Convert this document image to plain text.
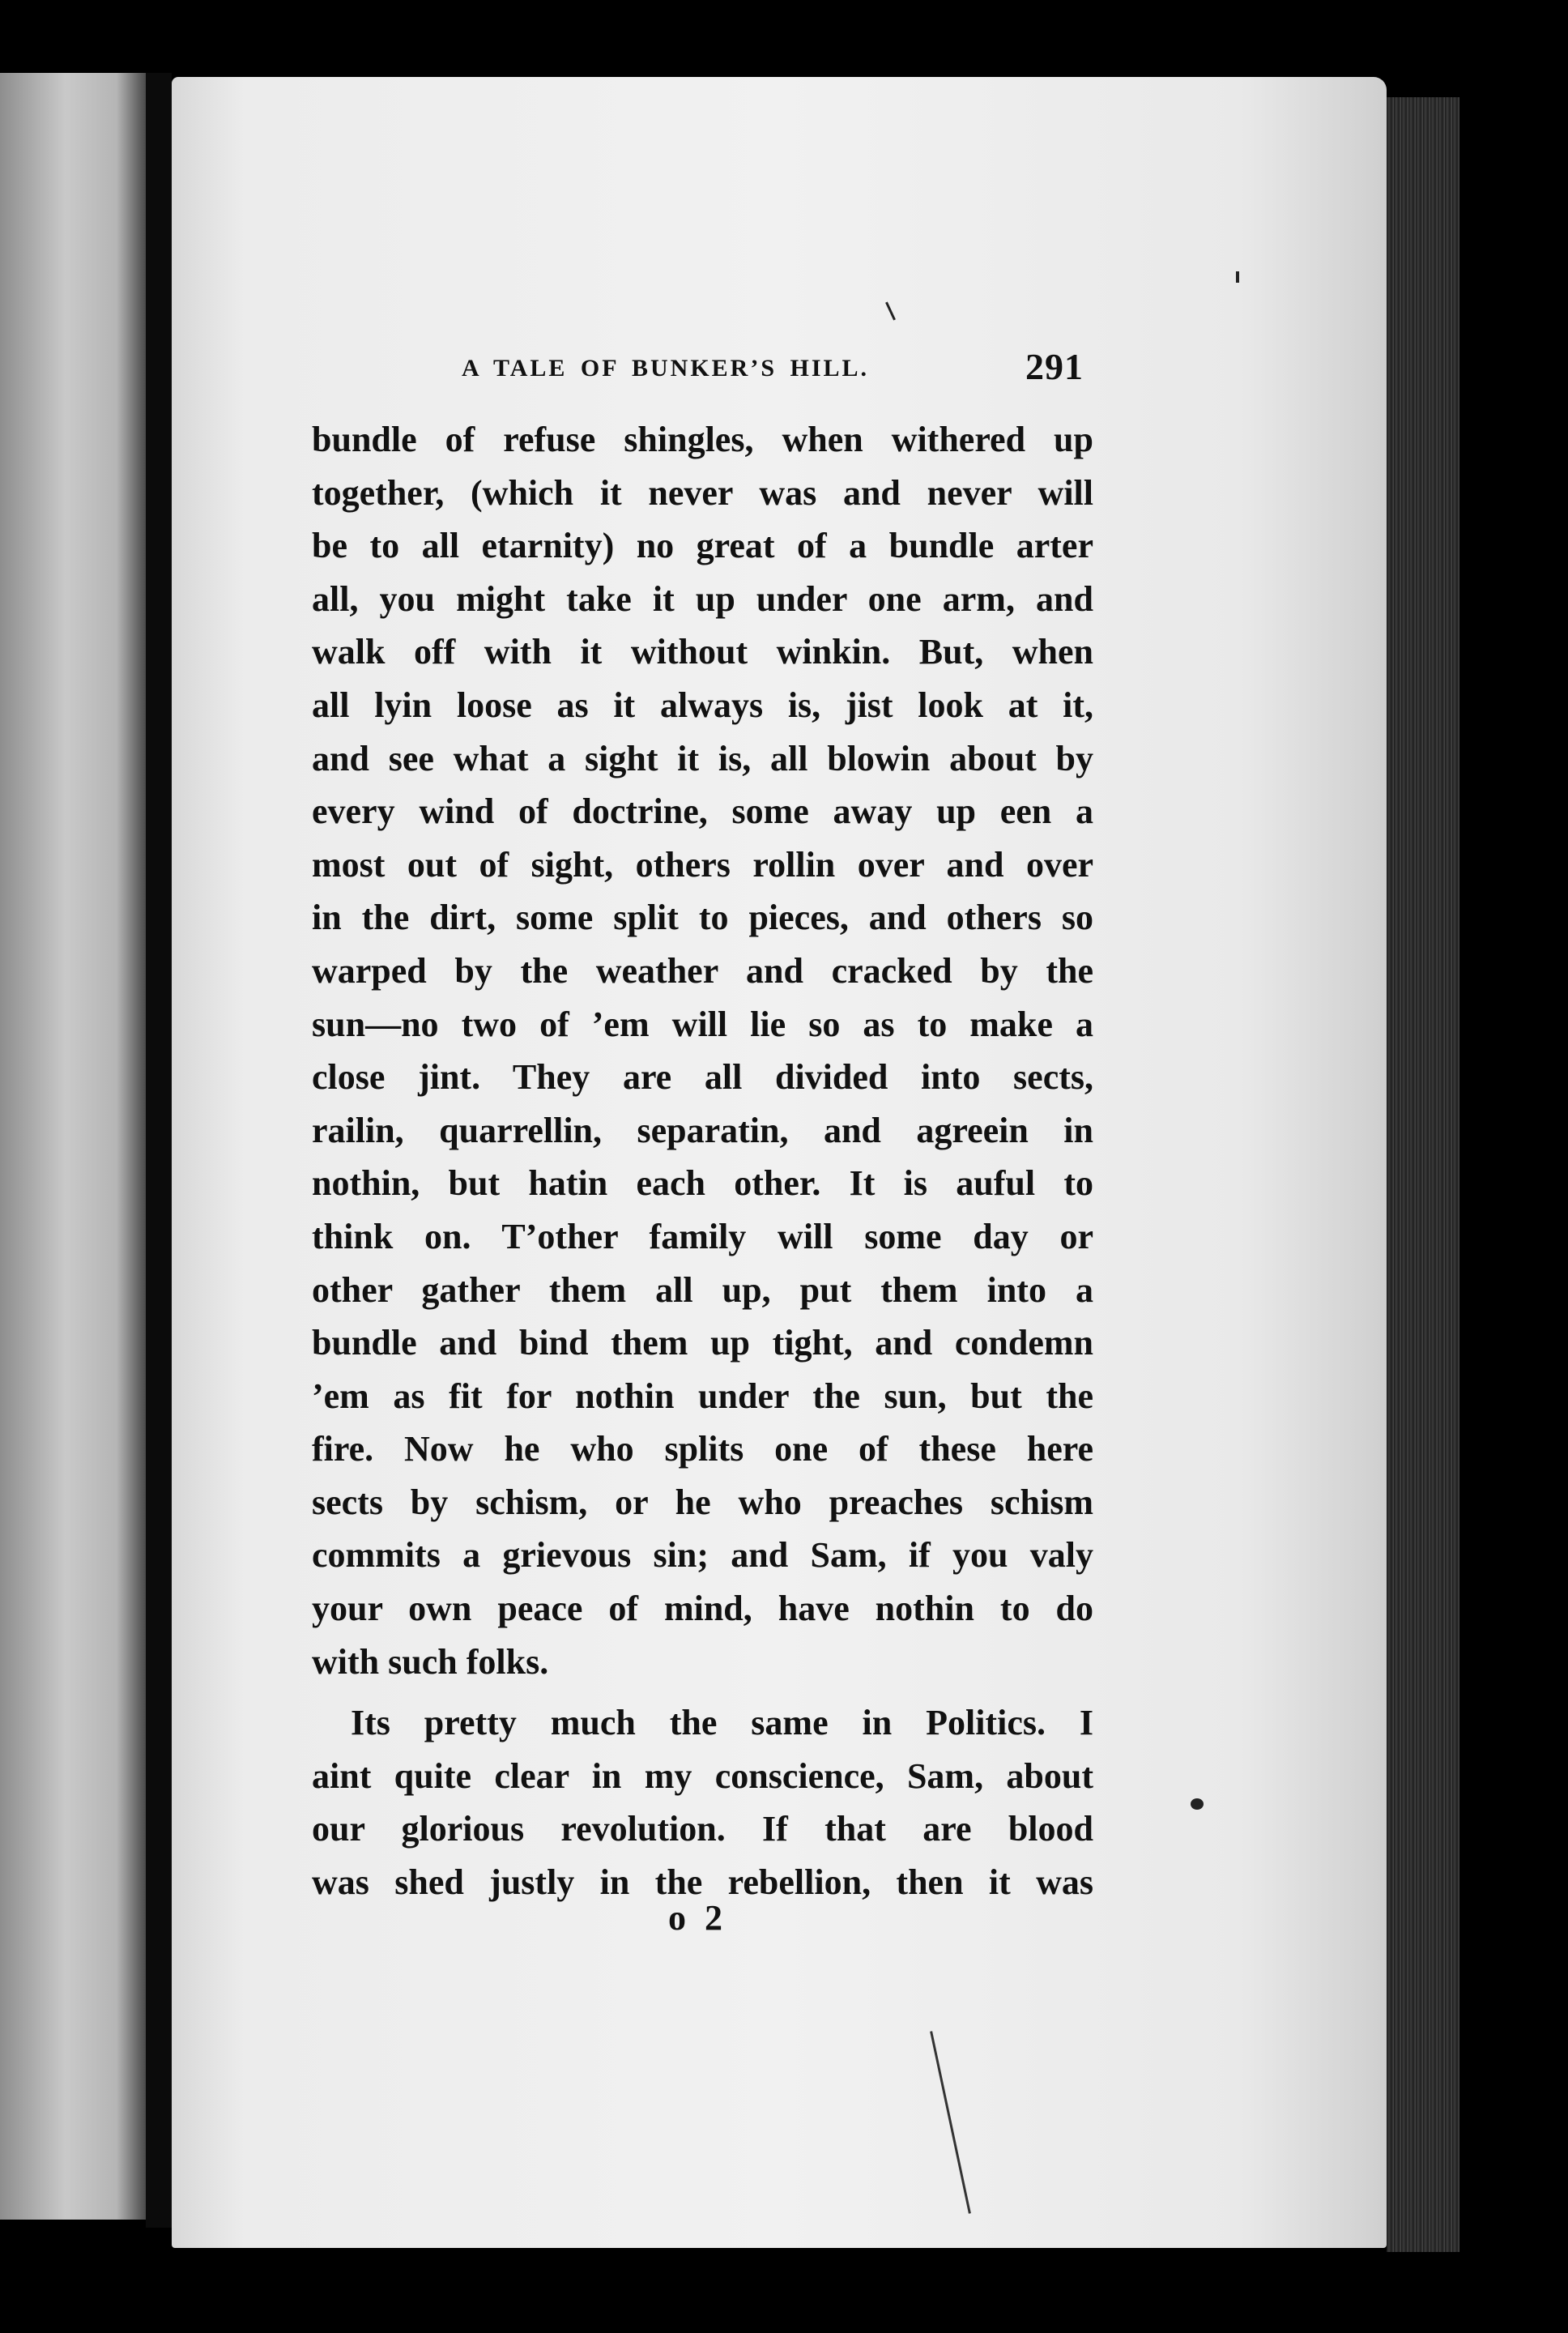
A TALE OF BUNKER’S HILL.	291
bundle of refuse shingles, when withered up
together, (which it never was and never will
be to all etarnity) no great of a bundle arter
all, you might take it up under one arm, and
walk off with it without winkin. But, when
all lyin loose as it always is, jist look at it,
and see what a sight it is, all blowin about by
every wind of doctrine, some away up een a
most out of sight, others rollin over and over
in the dirt, some split to pieces, and others so
warped by the weather and cracked by the
sun—no two of ’em will lie so as to make a
close jint. They are all divided into sects,
railin, quarrellin, separatin, and agreein in
nothin, but hatin each other. It is auful to
think on. T’other family will some day or
other gather them all up, put them into a
bundle and bind them up tight, and condemn
’em as fit for nothin under the sun, but the
fire. Now he who splits one of these here
sects by schism, or he who preaches schism
commits a grievous sin; and Sam, if you valy
your own peace of mind, have nothin to do
with such folks.
Its pretty much the same in Politics. I
aint quite clear in my conscience, Sam, about
our glorious revolution. If that are blood
was shed justly in the rebellion, then it was
o 2
